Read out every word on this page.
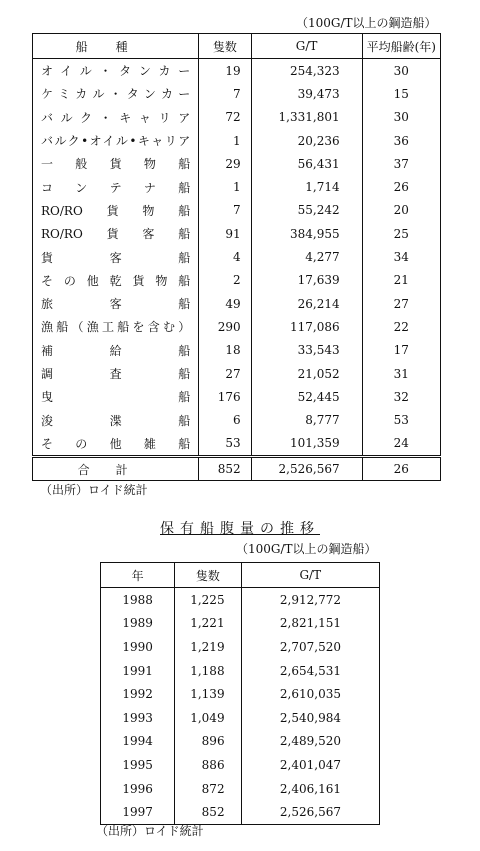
（100G/T以上の鋼造船）
船種	隻数	G/T	平均船齢(年)
オイル・タンカー	19	254,323	30
ケミカル・タンカー	7	39,473	15
バルク・キャリア	72	1,331,801	30
バルク•オイル•キャリア	1	20,236	36
一般貨物船	29	56,431	37
コンテナ船	1	1,714	26
RO/RO貨物船	7	55,242	20
RO/RO貨客船	91	384,955	25
貨客船	4	4,277	34
その他乾貨物船	2	17,639	21
旅客船	49	26,214	27
漁船（漁工船を含む）	290	117,086	22
補給船	18	33,543	17
調査船	27	21,052	31
曳船	176	52,445	32
浚渫船	6	8,777	53
その他雑船	53	101,359	24
合計	852	2,526,567	26
（出所）ロイド統計
保有船腹量の推移
（100G/T以上の鋼造船）
年	隻数	G/T
1988	1,225	2,912,772
1989	1,221	2,821,151
1990	1,219	2,707,520
1991	1,188	2,654,531
1992	1,139	2,610,035
1993	1,049	2,540,984
1994	896	2,489,520
1995	886	2,401,047
1996	872	2,406,161
1997	852	2,526,567
（出所）ロイド統計
